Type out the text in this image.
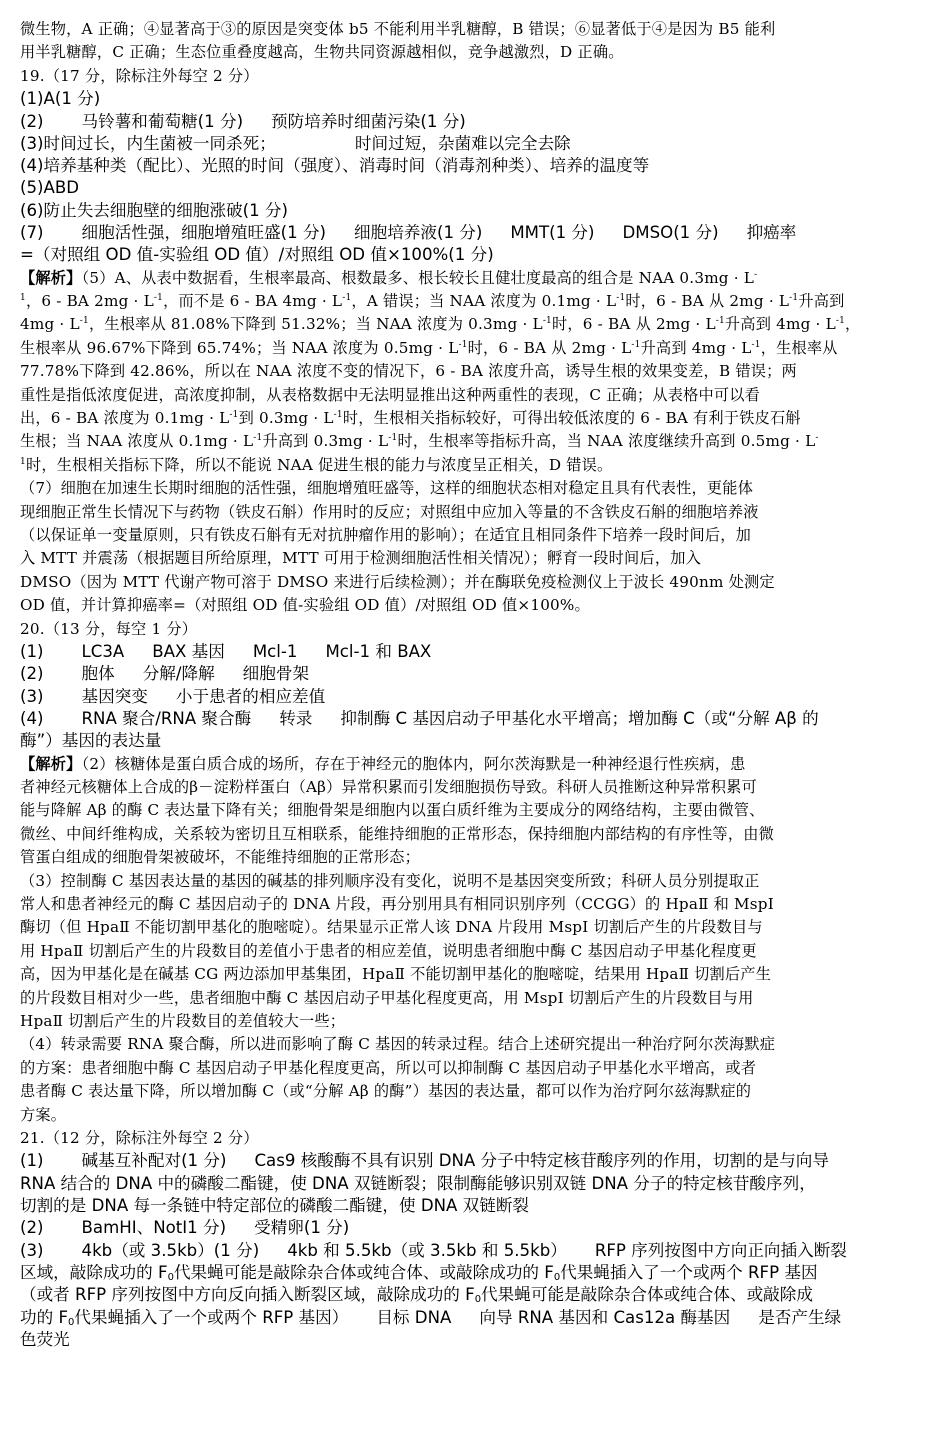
微生物，A 正确；④显著高于③的原因是突变体 b5 不能利用半乳糖醇，B 错误；⑥显著低于④是因为 B5 能利

用半乳糖醇，C 正确；生态位重叠度越高，生物共同资源越相似，竞争越激烈，D 正确。

19.（17 分，除标注外每空 2 分）

(1)A(1 分)

(2) 马铃薯和葡萄糖(1 分) 预防培养时细菌污染(1 分)

(3)时间过长，内生菌被一同杀死；               时间过短，杂菌难以完全去除

(4)培养基种类（配比）、光照的时间（强度）、消毒时间（消毒剂种类）、培养的温度等

(5)ABD

(6)防止失去细胞壁的细胞涨破(1 分)

(7) 细胞活性强，细胞增殖旺盛(1 分) 细胞培养液(1 分) MMT(1 分) DMSO(1 分) 抑癌率

=（对照组 OD 值-实验组 OD 值）/对照组 OD 值×100%(1 分)

【解析】（5）A、从表中数据看，生根率最高、根数最多、根长较长且健壮度最高的组合是 NAA 0.3mg · L-

$^1$，6 - BA $2mg \cdot L^{-1}$，而不是 6 - BA $4mg \cdot L^{-1}$，A 错误；当 NAA 浓度为 $0.1mg \cdot L^{-1}$时，6 - BA 从 $2mg \cdot L^{-1}$升高到

$4mg \cdot L^{-1}$，生根率从 81.08%下降到 51.32%；当 NAA 浓度为 $0.3mg \cdot L^{-1}$时，6 - BA 从 $2mg \cdot L^{-1}$升高到 $4mg \cdot L^{-1}$，

生根率从 96.67%下降到 65.74%；当 NAA 浓度为 $0.5mg \cdot L^{-1}$时，6 - BA 从 $2mg \cdot L^{-1}$升高到 $4mg \cdot L^{-1}$，生根率从

77.78%下降到 42.86%，所以在 NAA 浓度不变的情况下，6 - BA 浓度升高，诱导生根的效果变差，B 错误；两

重性是指低浓度促进，高浓度抑制，从表格数据中无法明显推出这种两重性的表现，C 正确；从表格中可以看

出，6 - BA 浓度为 $0.1mg \cdot L^{-1}$到 $0.3mg \cdot L^{-1}$时，生根相关指标较好，可得出较低浓度的 6 - BA 有利于铁皮石斛

生根；当 NAA 浓度从 $0.1mg \cdot L^{-1}$升高到 $0.3mg \cdot L^{-1}$时，生根率等指标升高，当 NAA 浓度继续升高到 0.5mg · L-

$^1$时，生根相关指标下降，所以不能说 NAA 促进生根的能力与浓度呈正相关，D 错误。

（7）细胞在加速生长期时细胞的活性强，细胞增殖旺盛等，这样的细胞状态相对稳定且具有代表性，更能体

现细胞正常生长情况下与药物（铁皮石斛）作用时的反应；对照组中应加入等量的不含铁皮石斛的细胞培养液

（以保证单一变量原则，只有铁皮石斛有无对抗肿瘤作用的影响）；在适宜且相同条件下培养一段时间后，加

入 MTT 并震荡（根据题目所给原理，MTT 可用于检测细胞活性相关情况）；孵育一段时间后，加入

DMSO（因为 MTT 代谢产物可溶于 DMSO 来进行后续检测）；并在酶联免疫检测仪上于波长 490nm 处测定

OD 值，并计算抑癌率=（对照组 OD 值-实验组 OD 值）/对照组 OD 值×100%。

20.（13 分，每空 1 分）

(1) LC3A BAX 基因 Mcl-1 Mcl-1 和 BAX

(2) 胞体 分解/降解 细胞骨架

(3) 基因突变 小于患者的相应差值

(4) RNA 聚合/RNA 聚合酶 转录 抑制酶 C 基因启动子甲基化水平增高；增加酶 C（或“分解 Aβ 的

酶”）基因的表达量

【解析】（2）核糖体是蛋白质合成的场所，存在于神经元的胞体内，阿尔茨海默是一种神经退行性疾病，患

者神经元核糖体上合成的β－淀粉样蛋白（Aβ）异常积累而引发细胞损伤导致。科研人员推断这种异常积累可

能与降解 Aβ 的酶 C 表达量下降有关；细胞骨架是细胞内以蛋白质纤维为主要成分的网络结构，主要由微管、

微丝、中间纤维构成，关系较为密切且互相联系，能维持细胞的正常形态，保持细胞内部结构的有序性等，由微

管蛋白组成的细胞骨架被破坏，不能维持细胞的正常形态；

（3）控制酶 C 基因表达量的基因的碱基的排列顺序没有变化，说明不是基因突变所致；科研人员分别提取正

常人和患者神经元的酶 C 基因启动子的 DNA 片段，再分别用具有相同识别序列（CCGG）的 HpaⅡ 和 MspⅠ

酶切（但 HpaⅡ 不能切割甲基化的胞嘧啶）。结果显示正常人该 DNA 片段用 MspⅠ 切割后产生的片段数目与

用 HpaⅡ 切割后产生的片段数目的差值小于患者的相应差值，说明患者细胞中酶 C 基因启动子甲基化程度更

高，因为甲基化是在碱基 CG 两边添加甲基集团，HpaⅡ 不能切割甲基化的胞嘧啶，结果用 HpaⅡ 切割后产生

的片段数目相对少一些，患者细胞中酶 C 基因启动子甲基化程度更高，用 MspⅠ 切割后产生的片段数目与用

HpaⅡ 切割后产生的片段数目的差值较大一些；

（4）转录需要 RNA 聚合酶，所以进而影响了酶 C 基因的转录过程。结合上述研究提出一种治疗阿尔茨海默症

的方案：患者细胞中酶 C 基因启动子甲基化程度更高，所以可以抑制酶 C 基因启动子甲基化水平增高，或者

患者酶 C 表达量下降，所以增加酶 C（或“分解 Aβ 的酶”）基因的表达量，都可以作为治疗阿尔兹海默症的

方案。

21.（12 分，除标注外每空 2 分）

(1) 碱基互补配对(1 分) Cas9 核酸酶不具有识别 DNA 分子中特定核苷酸序列的作用，切割的是与向导

RNA 结合的 DNA 中的磷酸二酯键，使 DNA 双链断裂；限制酶能够识别双链 DNA 分子的特定核苷酸序列，

切割的是 DNA 每一条链中特定部位的磷酸二酯键，使 DNA 双链断裂

(2) BamHI、NotI1 分) 受精卵(1 分)

(3) 4kb（或 3.5kb）(1 分) 4kb 和 5.5kb（或 3.5kb 和 5.5kb） RFP 序列按图中方向正向插入断裂

区域，敲除成功的 $F_0$代果蝇可能是敲除杂合体或纯合体、或敲除成功的 $F_0$代果蝇插入了一个或两个 RFP 基因

（或者 RFP 序列按图中方向反向插入断裂区域，敲除成功的 $F_0$代果蝇可能是敲除杂合体或纯合体、或敲除成

功的 $F_0$代果蝇插入了一个或两个 RFP 基因） 目标 DNA 向导 RNA 基因和 Cas12a 酶基因 是否产生绿

色荧光
